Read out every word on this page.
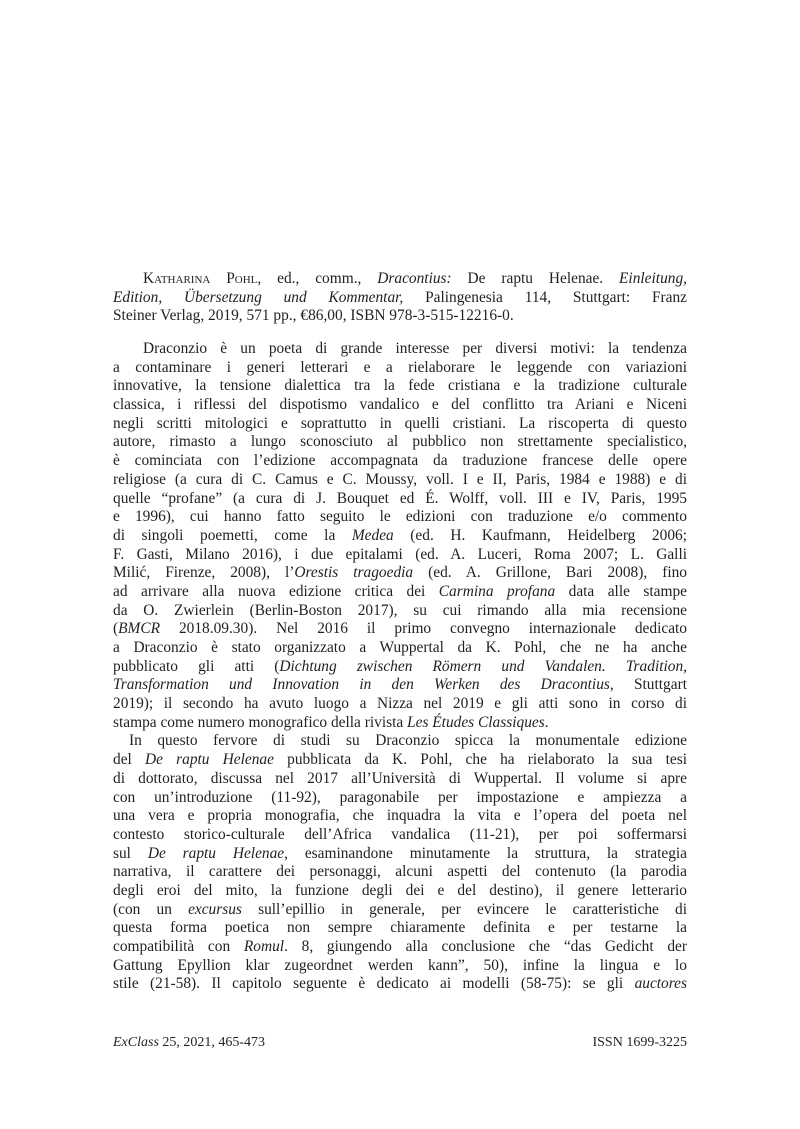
Katharina Pohl, ed., comm., Dracontius: De raptu Helenae. Einleitung,
Edition, Übersetzung und Kommentar, Palingenesia 114, Stuttgart: Franz
Steiner Verlag, 2019, 571 pp., €86,00, ISBN 978-3-515-12216-0.
Draconzio è un poeta di grande interesse per diversi motivi: la tendenza
a contaminare i generi letterari e a rielaborare le leggende con variazioni
innovative, la tensione dialettica tra la fede cristiana e la tradizione culturale
classica, i riflessi del dispotismo vandalico e del conflitto tra Ariani e Niceni
negli scritti mitologici e soprattutto in quelli cristiani. La riscoperta di questo
autore, rimasto a lungo sconosciuto al pubblico non strettamente specialistico,
è cominciata con l’edizione accompagnata da traduzione francese delle opere
religiose (a cura di C. Camus e C. Moussy, voll. I e II, Paris, 1984 e 1988) e di
quelle “profane” (a cura di J. Bouquet ed É. Wolff, voll. III e IV, Paris, 1995
e 1996), cui hanno fatto seguito le edizioni con traduzione e/o commento
di singoli poemetti, come la Medea (ed. H. Kaufmann, Heidelberg 2006;
F. Gasti, Milano 2016), i due epitalami (ed. A. Luceri, Roma 2007; L. Galli
Milić, Firenze, 2008), l’Orestis tragoedia (ed. A. Grillone, Bari 2008), fino
ad arrivare alla nuova edizione critica dei Carmina profana data alle stampe
da O. Zwierlein (Berlin-Boston 2017), su cui rimando alla mia recensione
(BMCR 2018.09.30). Nel 2016 il primo convegno internazionale dedicato
a Draconzio è stato organizzato a Wuppertal da K. Pohl, che ne ha anche
pubblicato gli atti (Dichtung zwischen Römern und Vandalen. Tradition,
Transformation und Innovation in den Werken des Dracontius, Stuttgart
2019); il secondo ha avuto luogo a Nizza nel 2019 e gli atti sono in corso di
stampa come numero monografico della rivista Les Études Classiques.
In questo fervore di studi su Draconzio spicca la monumentale edizione
del De raptu Helenae pubblicata da K. Pohl, che ha rielaborato la sua tesi
di dottorato, discussa nel 2017 all’Università di Wuppertal. Il volume si apre
con un’introduzione (11-92), paragonabile per impostazione e ampiezza a
una vera e propria monografia, che inquadra la vita e l’opera del poeta nel
contesto storico-culturale dell’Africa vandalica (11-21), per poi soffermarsi
sul De raptu Helenae, esaminandone minutamente la struttura, la strategia
narrativa, il carattere dei personaggi, alcuni aspetti del contenuto (la parodia
degli eroi del mito, la funzione degli dei e del destino), il genere letterario
(con un excursus sull’epillio in generale, per evincere le caratteristiche di
questa forma poetica non sempre chiaramente definita e per testarne la
compatibilità con Romul. 8, giungendo alla conclusione che “das Gedicht der
Gattung Epyllion klar zugeordnet werden kann”, 50), infine la lingua e lo
stile (21-58). Il capitolo seguente è dedicato ai modelli (58-75): se gli auctores
ExClass 25, 2021, 465-473	ISSN 1699-3225
